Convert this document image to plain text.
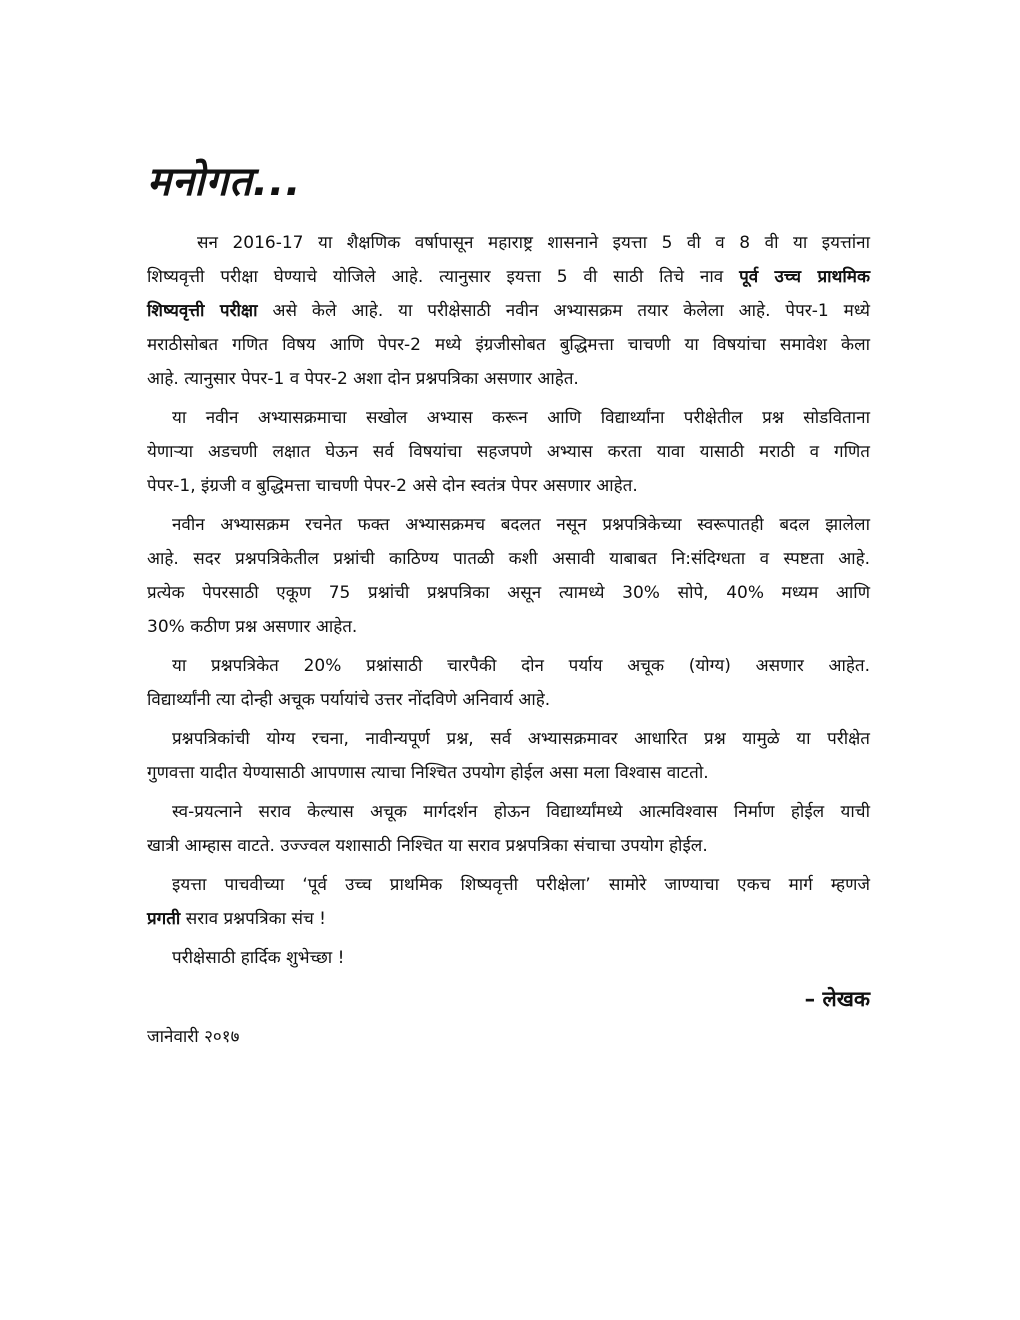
मनोगत...
सन 2016-17 या शैक्षणिक वर्षापासून महाराष्ट्र शासनाने इयत्ता 5 वी व 8 वी या इयत्तांना
शिष्यवृत्ती परीक्षा घेण्याचे योजिले आहे. त्यानुसार इयत्ता 5 वी साठी तिचे नाव पूर्व उच्च प्राथमिक
शिष्यवृत्ती परीक्षा असे केले आहे. या परीक्षेसाठी नवीन अभ्यासक्रम तयार केलेला आहे. पेपर-1 मध्ये
मराठीसोबत गणित विषय आणि पेपर-2 मध्ये इंग्रजीसोबत बुद्धिमत्ता चाचणी या विषयांचा समावेश केला
आहे. त्यानुसार पेपर-1 व पेपर-2 अशा दोन प्रश्नपत्रिका असणार आहेत.
या नवीन अभ्यासक्रमाचा सखोल अभ्यास करून आणि विद्यार्थ्यांना परीक्षेतील प्रश्न सोडविताना
येणाऱ्या अडचणी लक्षात घेऊन सर्व विषयांचा सहजपणे अभ्यास करता यावा यासाठी मराठी व गणित
पेपर-1, इंग्रजी व बुद्धिमत्ता चाचणी पेपर-2 असे दोन स्वतंत्र पेपर असणार आहेत.
नवीन अभ्यासक्रम रचनेत फक्त अभ्यासक्रमच बदलत नसून प्रश्नपत्रिकेच्या स्वरूपातही बदल झालेला
आहे. सदर प्रश्नपत्रिकेतील प्रश्नांची काठिण्य पातळी कशी असावी याबाबत नि:संदिग्धता व स्पष्टता आहे.
प्रत्येक पेपरसाठी एकूण 75 प्रश्नांची प्रश्नपत्रिका असून त्यामध्ये 30% सोपे, 40% मध्यम आणि
30% कठीण प्रश्न असणार आहेत.
या प्रश्नपत्रिकेत 20% प्रश्नांसाठी चारपैकी दोन पर्याय अचूक (योग्य) असणार आहेत.
विद्यार्थ्यांनी त्या दोन्ही अचूक पर्यायांचे उत्तर नोंदविणे अनिवार्य आहे.
प्रश्नपत्रिकांची योग्य रचना, नावीन्यपूर्ण प्रश्न, सर्व अभ्यासक्रमावर आधारित प्रश्न यामुळे या परीक्षेत
गुणवत्ता यादीत येण्यासाठी आपणास त्याचा निश्चित उपयोग होईल असा मला विश्वास वाटतो.
स्व-प्रयत्नाने सराव केल्यास अचूक मार्गदर्शन होऊन विद्यार्थ्यांमध्ये आत्मविश्वास निर्माण होईल याची
खात्री आम्हास वाटते. उज्ज्वल यशासाठी निश्चित या सराव प्रश्नपत्रिका संचाचा उपयोग होईल.
इयत्ता पाचवीच्या ‘पूर्व उच्च प्राथमिक शिष्यवृत्ती परीक्षेला’ सामोरे जाण्याचा एकच मार्ग म्हणजे
प्रगती सराव प्रश्नपत्रिका संच !
परीक्षेसाठी हार्दिक शुभेच्छा !
– लेखक
जानेवारी २०१७
